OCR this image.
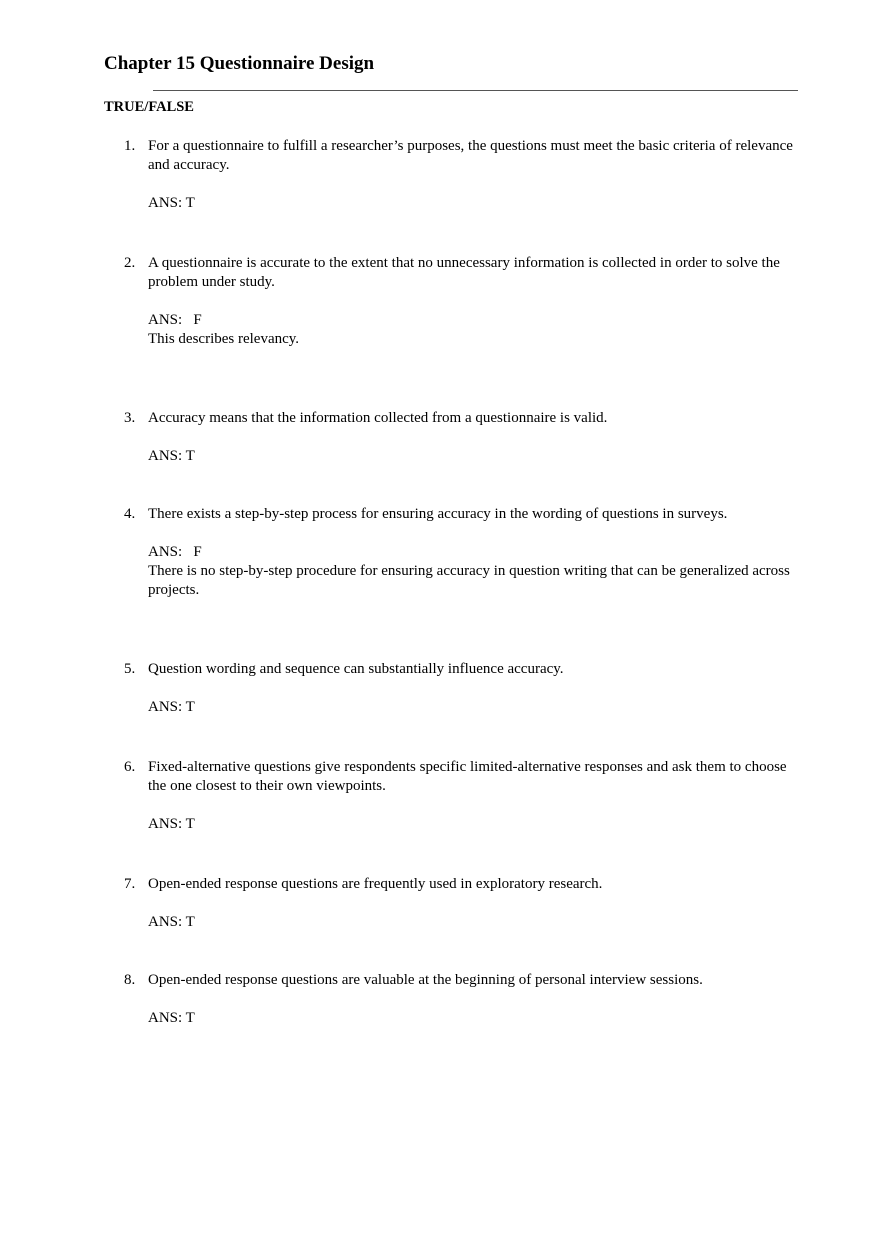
Chapter 15 Questionnaire Design
TRUE/FALSE
1. For a questionnaire to fulfill a researcher’s purposes, the questions must meet the basic criteria of relevance and accuracy.
ANS: T
2. A questionnaire is accurate to the extent that no unnecessary information is collected in order to solve the problem under study.
ANS:   F
This describes relevancy.
3. Accuracy means that the information collected from a questionnaire is valid.
ANS: T
4. There exists a step-by-step process for ensuring accuracy in the wording of questions in surveys.
ANS:   F
There is no step-by-step procedure for ensuring accuracy in question writing that can be generalized across projects.
5. Question wording and sequence can substantially influence accuracy.
ANS: T
6. Fixed-alternative questions give respondents specific limited-alternative responses and ask them to choose the one closest to their own viewpoints.
ANS: T
7. Open-ended response questions are frequently used in exploratory research.
ANS: T
8. Open-ended response questions are valuable at the beginning of personal interview sessions.
ANS: T
